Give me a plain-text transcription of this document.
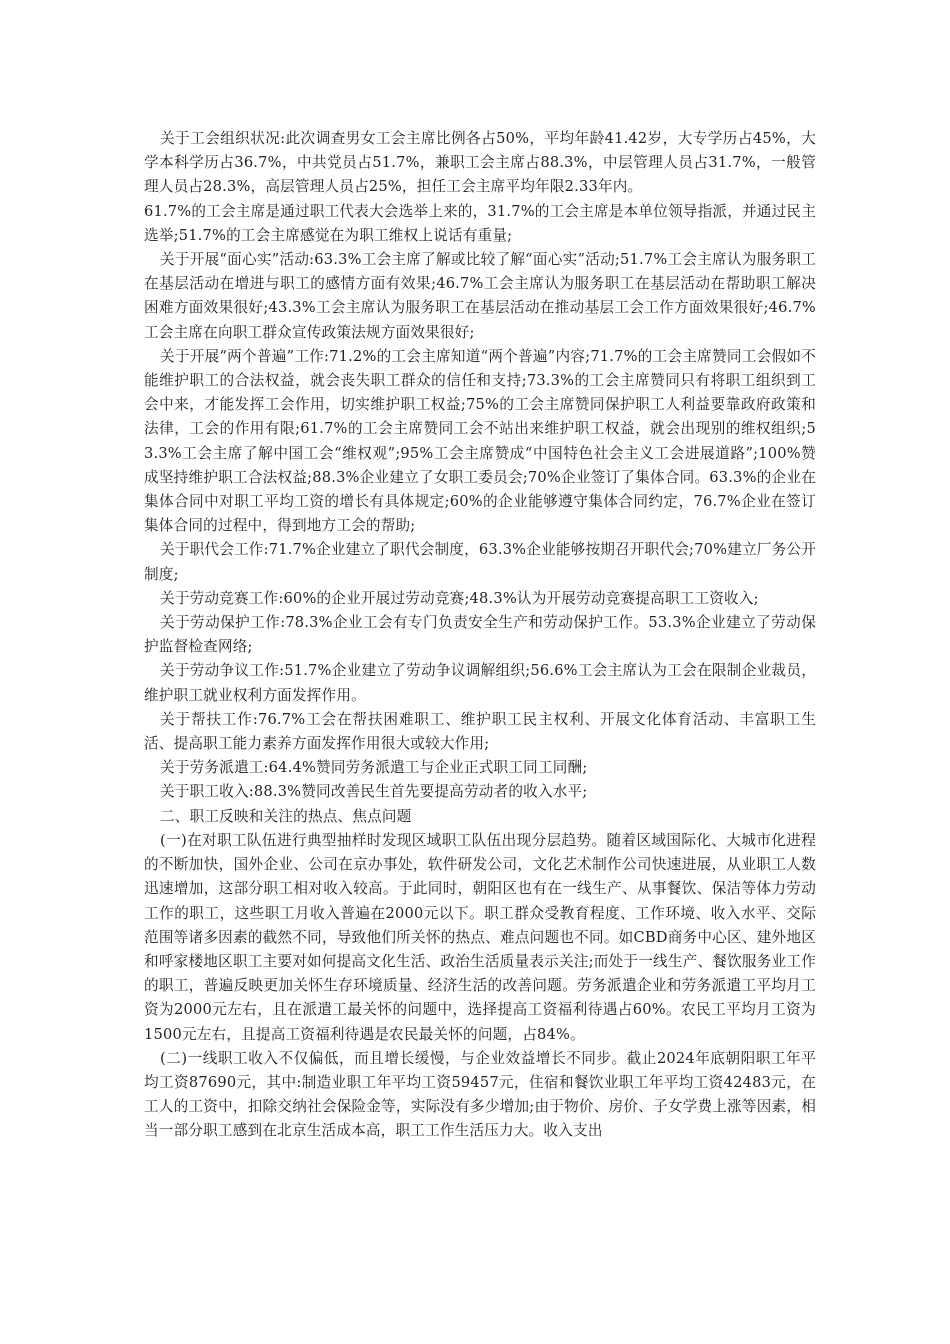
关于工会组织状况:此次调查男女工会主席比例各占50%，平均年龄41.42岁，大专学历占45%，大学本科学历占36.7%，中共党员占51.7%，兼职工会主席占88.3%，中层管理人员占31.7%，一般管理人员占28.3%，高层管理人员占25%，担任工会主席平均年限2.33年内。

61.7%的工会主席是通过职工代表大会选举上来的，31.7%的工会主席是本单位领导指派，并通过民主选举;51.7%的工会主席感觉在为职工维权上说话有重量;

关于开展“面心实”活动:63.3%工会主席了解或比较了解“面心实”活动;51.7%工会主席认为服务职工在基层活动在增进与职工的感情方面有效果;46.7%工会主席认为服务职工在基层活动在帮助职工解决困难方面效果很好;43.3%工会主席认为服务职工在基层活动在推动基层工会工作方面效果很好;46.7%工会主席在向职工群众宣传政策法规方面效果很好;

关于开展“两个普遍”工作:71.2%的工会主席知道“两个普遍”内容;71.7%的工会主席赞同工会假如不能维护职工的合法权益，就会丧失职工群众的信任和支持;73.3%的工会主席赞同只有将职工组织到工会中来，才能发挥工会作用，切实维护职工权益;75%的工会主席赞同保护职工人利益要靠政府政策和法律，工会的作用有限;61.7%的工会主席赞同工会不站出来维护职工权益，就会出现别的维权组织;53.3%工会主席了解中国工会“维权观”;95%工会主席赞成“中国特色社会主义工会进展道路”;100%赞成坚持维护职工合法权益;88.3%企业建立了女职工委员会;70%企业签订了集体合同。63.3%的企业在集体合同中对职工平均工资的增长有具体规定;60%的企业能够遵守集体合同约定，76.7%企业在签订集体合同的过程中，得到地方工会的帮助;

关于职代会工作:71.7%企业建立了职代会制度，63.3%企业能够按期召开职代会;70%建立厂务公开制度;

关于劳动竞赛工作:60%的企业开展过劳动竞赛;48.3%认为开展劳动竞赛提高职工工资收入;

关于劳动保护工作:78.3%企业工会有专门负责安全生产和劳动保护工作。53.3%企业建立了劳动保护监督检查网络;

关于劳动争议工作:51.7%企业建立了劳动争议调解组织;56.6%工会主席认为工会在限制企业裁员，维护职工就业权利方面发挥作用。

关于帮扶工作:76.7%工会在帮扶困难职工、维护职工民主权利、开展文化体育活动、丰富职工生活、提高职工能力素养方面发挥作用很大或较大作用;

关于劳务派遣工:64.4%赞同劳务派遣工与企业正式职工同工同酬;

关于职工收入:88.3%赞同改善民生首先要提高劳动者的收入水平;

二、职工反映和关注的热点、焦点问题

(一)在对职工队伍进行典型抽样时发现区域职工队伍出现分层趋势。随着区域国际化、大城市化进程的不断加快，国外企业、公司在京办事处，软件研发公司，文化艺术制作公司快速进展，从业职工人数迅速增加，这部分职工相对收入较高。于此同时，朝阳区也有在一线生产、从事餐饮、保洁等体力劳动工作的职工，这些职工月收入普遍在2000元以下。职工群众受教育程度、工作环境、收入水平、交际范围等诸多因素的截然不同，导致他们所关怀的热点、难点问题也不同。如CBD商务中心区、建外地区和呼家楼地区职工主要对如何提高文化生活、政治生活质量表示关注;而处于一线生产、餐饮服务业工作的职工，普遍反映更加关怀生存环境质量、经济生活的改善问题。劳务派遣企业和劳务派遣工平均月工资为2000元左右，且在派遣工最关怀的问题中，选择提高工资福利待遇占60%。农民工平均月工资为1500元左右，且提高工资福利待遇是农民最关怀的问题，占84%。

(二)一线职工收入不仅偏低，而且增长缓慢，与企业效益增长不同步。截止2024年底朝阳职工年平均工资87690元，其中:制造业职工年平均工资59457元，住宿和餐饮业职工年平均工资42483元，在工人的工资中，扣除交纳社会保险金等，实际没有多少增加;由于物价、房价、子女学费上涨等因素，相当一部分职工感到在北京生活成本高，职工工作生活压力大。收入支出
